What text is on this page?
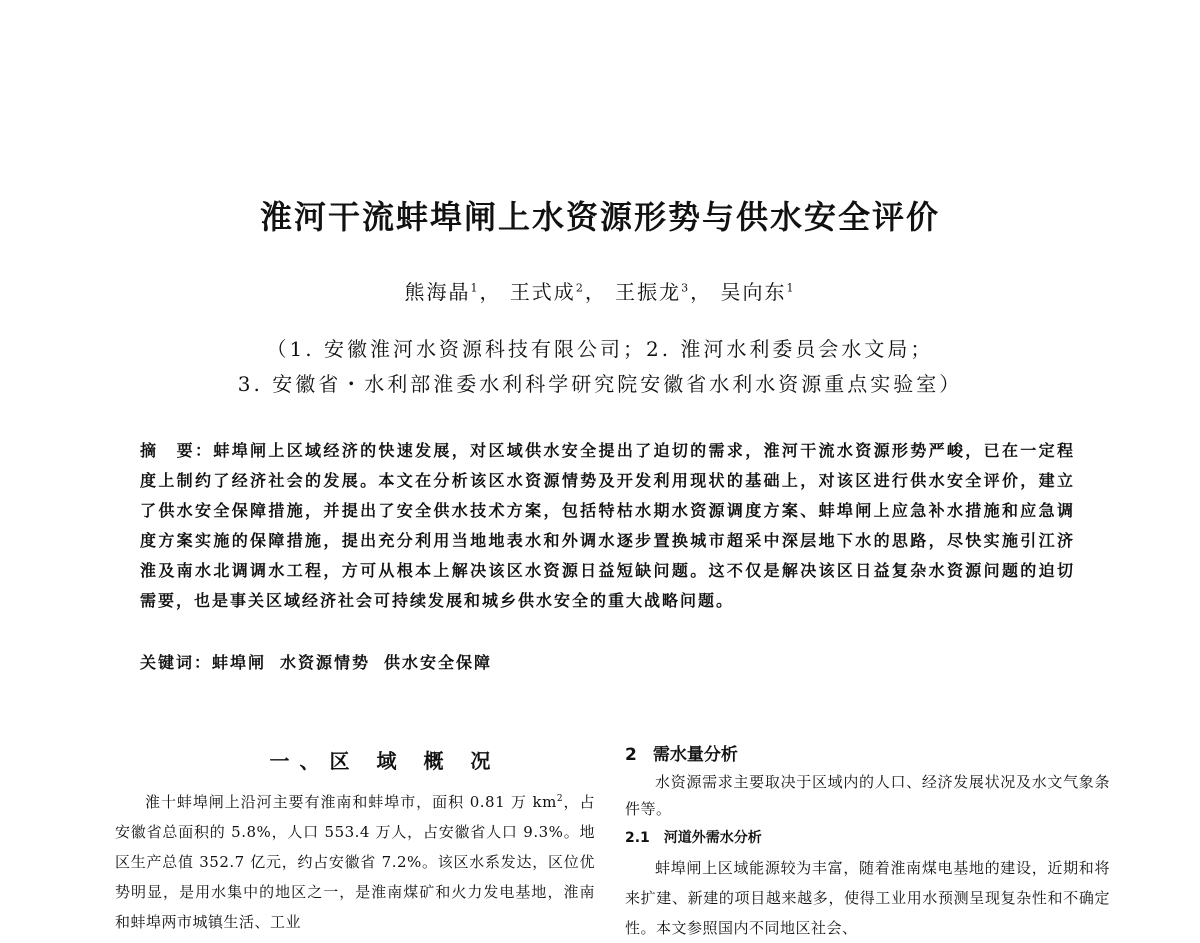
淮河干流蚌埠闸上水资源形势与供水安全评价
熊海晶$^1$， 王式成$^2$， 王振龙$^3$， 吴向东$^1$
（1. 安徽淮河水资源科技有限公司；2. 淮河水利委员会水文局；
3. 安徽省・水利部淮委水利科学研究院安徽省水利水资源重点实验室）
摘　要：蚌埠闸上区域经济的快速发展，对区域供水安全提出了迫切的需求，淮河干流水资源形势严峻，已在一定程度上制约了经济社会的发展。本文在分析该区水资源情势及开发利用现状的基础上，对该区进行供水安全评价，建立了供水安全保障措施，并提出了安全供水技术方案，包括特枯水期水资源调度方案、蚌埠闸上应急补水措施和应急调度方案实施的保障措施，提出充分利用当地地表水和外调水逐步置换城市超采中深层地下水的思路，尽快实施引江济淮及南水北调调水工程，方可从根本上解决该区水资源日益短缺问题。这不仅是解决该区日益复杂水资源问题的迫切需要，也是事关区域经济社会可持续发展和城乡供水安全的重大战略问题。
关键词：蚌埠闸 水资源情势 供水安全保障
一、区 域 概 况

淮十蚌埠闸上沿河主要有淮南和蚌埠市，面积 0.81 万 $km^2$，占安徽省总面积的 5.8%，人口 553.4 万人，占安徽省人口 9.3%。地区生产总值 352.7 亿元，约占安徽省 7.2%。该区水系发达，区位优势明显，是用水集中的地区之一，是淮南煤矿和火力发电基地，淮南和蚌埠两市城镇生活、工业

2 需水量分析

水资源需求主要取决于区域内的人口、经济发展状况及水文气象条件等。

2.1 河道外需水分析

蚌埠闸上区域能源较为丰富，随着淮南煤电基地的建设，近期和将来扩建、新建的项目越来越多，使得工业用水预测呈现复杂性和不确定性。本文参照国内不同地区社会、
